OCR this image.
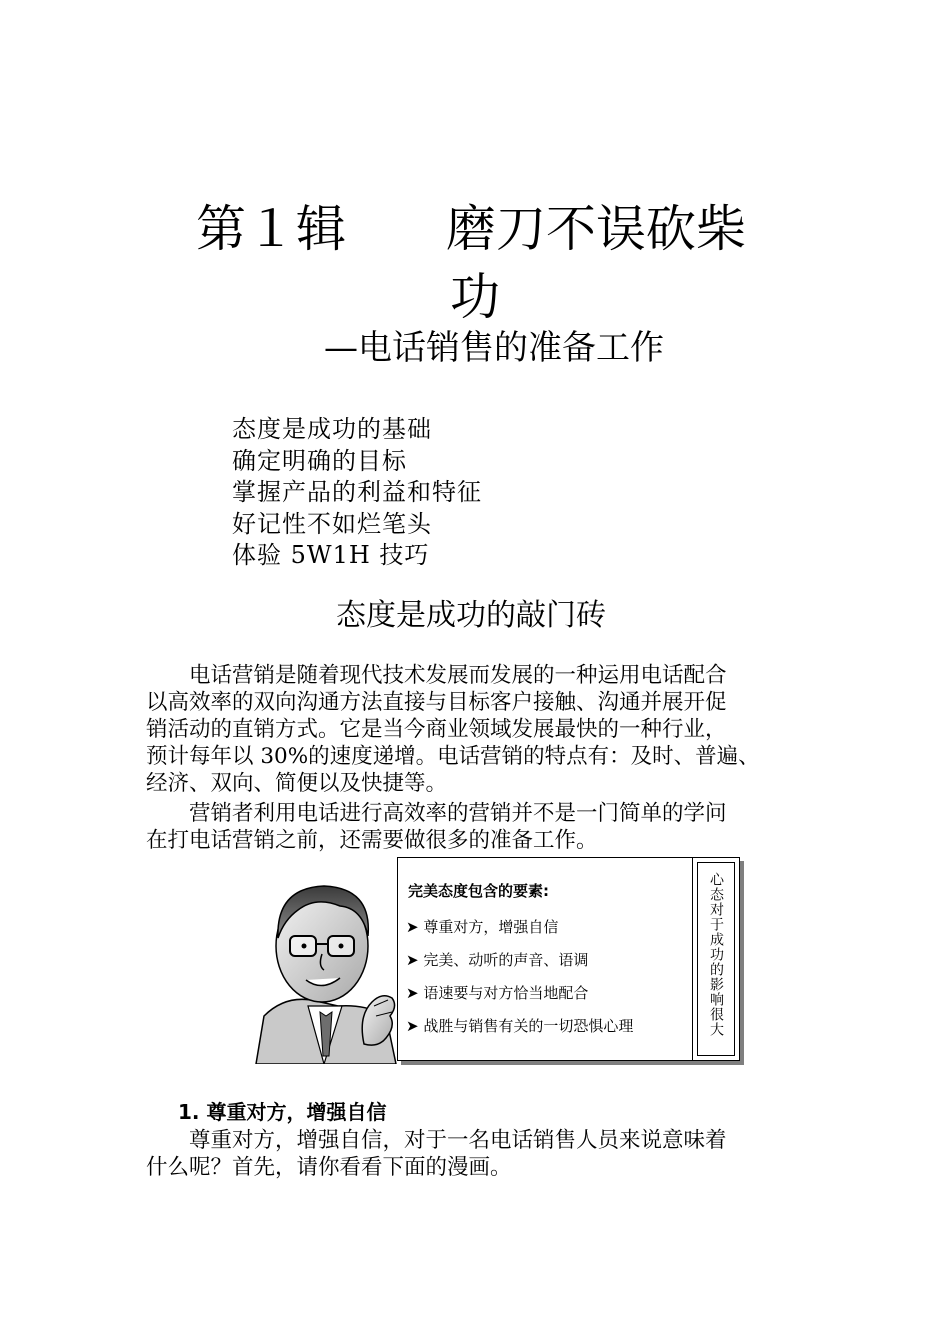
第１辑　　磨刀不误砍柴
功
—电话销售的准备工作
态度是成功的基础
确定明确的目标
掌握产品的利益和特征
好记性不如烂笔头
体验 5W1H 技巧
态度是成功的敲门砖
　　电话营销是随着现代技术发展而发展的一种运用电话配合
以高效率的双向沟通方法直接与目标客户接触、沟通并展开促
销活动的直销方式。它是当今商业领域发展最快的一种行业，
预计每年以 30%的速度递增。电话营销的特点有：及时、普遍、
经济、双向、简便以及快捷等。
　　营销者利用电话进行高效率的营销并不是一门简单的学问
在打电话营销之前，还需要做很多的准备工作。
完美态度包含的要素:
➤ 尊重对方，增强自信
➤ 完美、动听的声音、语调
➤ 语速要与对方恰当地配合
➤ 战胜与销售有关的一切恐惧心理	心态对于成功的影响很大
1. 尊重对方，增强自信
　　尊重对方，增强自信，对于一名电话销售人员来说意味着
什么呢？首先，请你看看下面的漫画。
